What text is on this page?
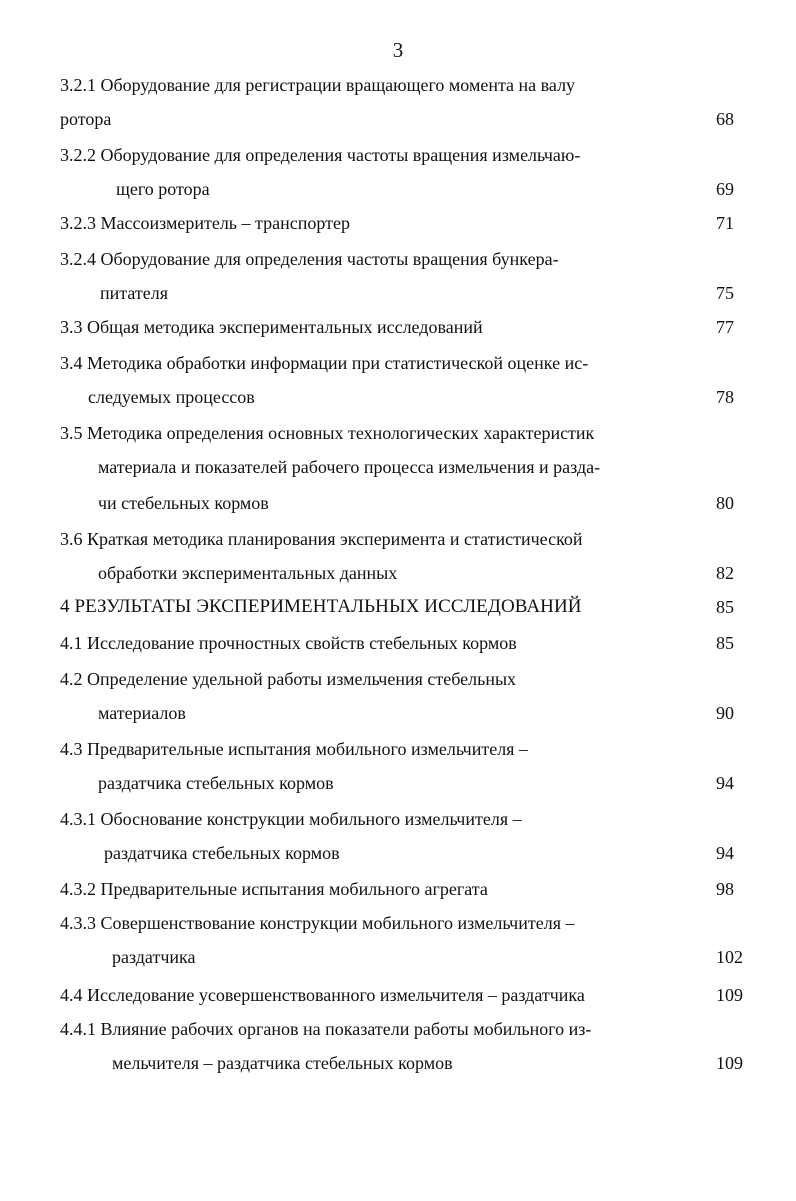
3
3.2.1 Оборудование для регистрации вращающего момента на валу
ротора	68
3.2.2 Оборудование для определения частоты вращения измельчаю-
щего ротора	69
3.2.3 Массоизмеритель – транспортер	71
3.2.4 Оборудование для определения частоты вращения бункера-
питателя	75
3.3 Общая методика экспериментальных исследований	77
3.4 Методика обработки информации при статистической оценке ис-
следуемых процессов	78
3.5 Методика определения основных технологических характеристик
материала и показателей рабочего процесса измельчения и разда-
чи стебельных кормов	80
3.6 Краткая методика планирования эксперимента и статистической
обработки экспериментальных данных	82
4 РЕЗУЛЬТАТЫ ЭКСПЕРИМЕНТАЛЬНЫХ ИССЛЕДОВАНИЙ	85
4.1 Исследование прочностных свойств стебельных кормов	85
4.2 Определение удельной работы измельчения стебельных
материалов	90
4.3 Предварительные испытания мобильного измельчителя –
раздатчика стебельных кормов	94
4.3.1 Обоснование конструкции мобильного измельчителя –
раздатчика стебельных кормов	94
4.3.2 Предварительные испытания мобильного агрегата	98
4.3.3 Совершенствование конструкции мобильного измельчителя –
раздатчика	102
4.4 Исследование усовершенствованного измельчителя – раздатчика	109
4.4.1 Влияние рабочих органов на показатели работы мобильного из-
мельчителя – раздатчика стебельных кормов	109
